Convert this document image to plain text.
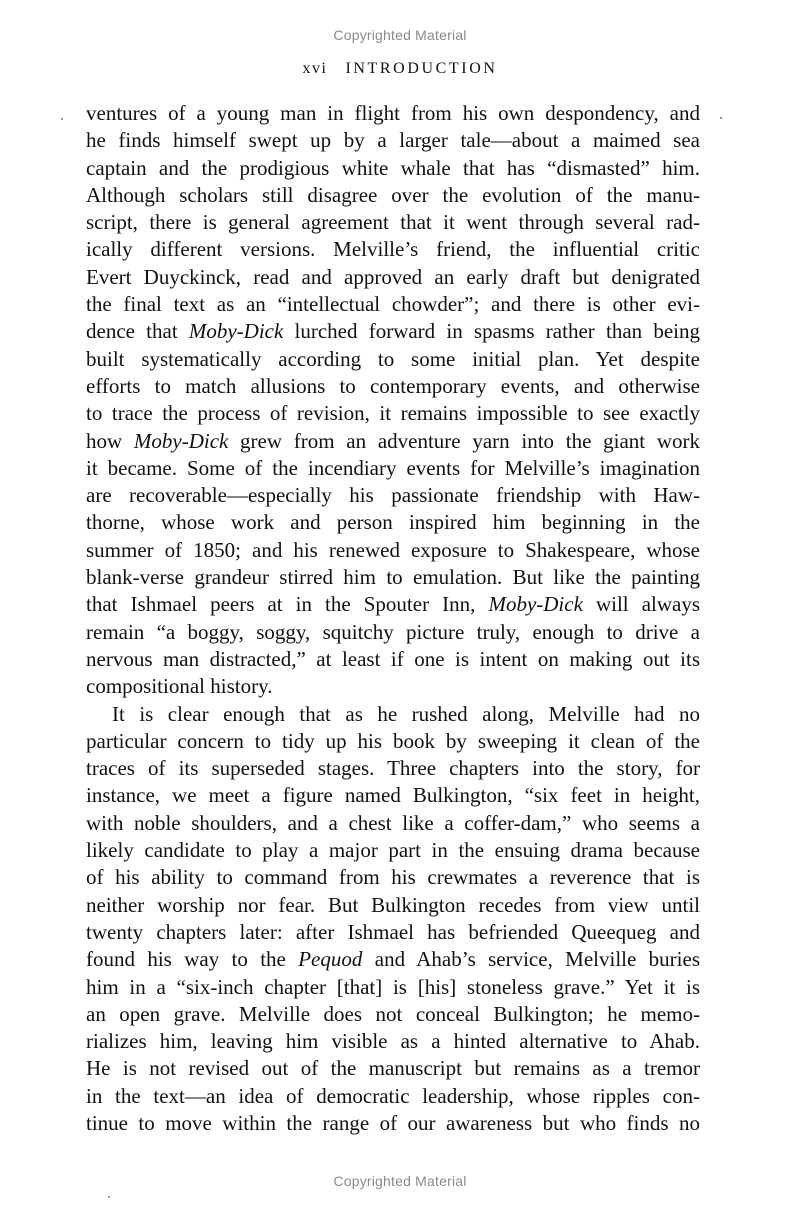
Copyrighted Material
xvi INTRODUCTION
ventures of a young man in flight from his own despondency, and
he finds himself swept up by a larger tale—about a maimed sea
captain and the prodigious white whale that has “dismasted” him.
Although scholars still disagree over the evolution of the manu-
script, there is general agreement that it went through several rad-
ically different versions. Melville’s friend, the influential critic
Evert Duyckinck, read and approved an early draft but denigrated
the final text as an “intellectual chowder”; and there is other evi-
dence that Moby-Dick lurched forward in spasms rather than being
built systematically according to some initial plan. Yet despite
efforts to match allusions to contemporary events, and otherwise
to trace the process of revision, it remains impossible to see exactly
how Moby-Dick grew from an adventure yarn into the giant work
it became. Some of the incendiary events for Melville’s imagination
are recoverable—especially his passionate friendship with Haw-
thorne, whose work and person inspired him beginning in the
summer of 1850; and his renewed exposure to Shakespeare, whose
blank-verse grandeur stirred him to emulation. But like the painting
that Ishmael peers at in the Spouter Inn, Moby-Dick will always
remain “a boggy, soggy, squitchy picture truly, enough to drive a
nervous man distracted,” at least if one is intent on making out its
compositional history.
It is clear enough that as he rushed along, Melville had no
particular concern to tidy up his book by sweeping it clean of the
traces of its superseded stages. Three chapters into the story, for
instance, we meet a figure named Bulkington, “six feet in height,
with noble shoulders, and a chest like a coffer-dam,” who seems a
likely candidate to play a major part in the ensuing drama because
of his ability to command from his crewmates a reverence that is
neither worship nor fear. But Bulkington recedes from view until
twenty chapters later: after Ishmael has befriended Queequeg and
found his way to the Pequod and Ahab’s service, Melville buries
him in a “six-inch chapter [that] is [his] stoneless grave.” Yet it is
an open grave. Melville does not conceal Bulkington; he memo-
rializes him, leaving him visible as a hinted alternative to Ahab.
He is not revised out of the manuscript but remains as a tremor
in the text—an idea of democratic leadership, whose ripples con-
tinue to move within the range of our awareness but who finds no
Copyrighted Material
